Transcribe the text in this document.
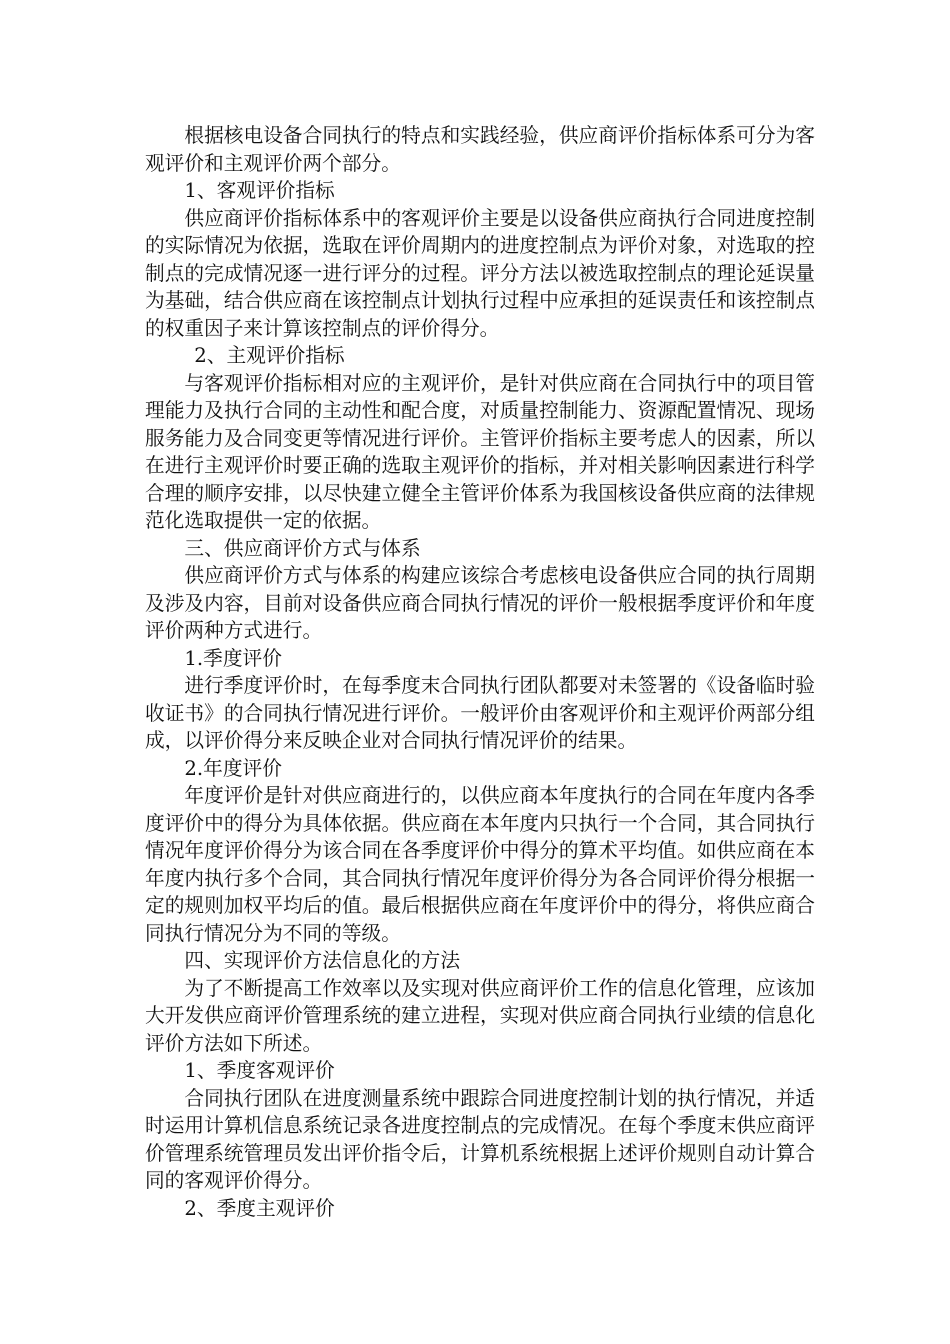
根据核电设备合同执行的特点和实践经验，供应商评价指标体系可分为客观评价和主观评价两个部分。

1、客观评价指标

供应商评价指标体系中的客观评价主要是以设备供应商执行合同进度控制的实际情况为依据，选取在评价周期内的进度控制点为评价对象，对选取的控制点的完成情况逐一进行评分的过程。评分方法以被选取控制点的理论延误量为基础，结合供应商在该控制点计划执行过程中应承担的延误责任和该控制点的权重因子来计算该控制点的评价得分。

2、主观评价指标

与客观评价指标相对应的主观评价，是针对供应商在合同执行中的项目管理能力及执行合同的主动性和配合度，对质量控制能力、资源配置情况、现场服务能力及合同变更等情况进行评价。主管评价指标主要考虑人的因素，所以在进行主观评价时要正确的选取主观评价的指标，并对相关影响因素进行科学合理的顺序安排，以尽快建立健全主管评价体系为我国核设备供应商的法律规范化选取提供一定的依据。

三、供应商评价方式与体系

供应商评价方式与体系的构建应该综合考虑核电设备供应合同的执行周期及涉及内容，目前对设备供应商合同执行情况的评价一般根据季度评价和年度评价两种方式进行。

1.季度评价

进行季度评价时，在每季度末合同执行团队都要对未签署的《设备临时验收证书》的合同执行情况进行评价。一般评价由客观评价和主观评价两部分组成，以评价得分来反映企业对合同执行情况评价的结果。

2.年度评价

年度评价是针对供应商进行的，以供应商本年度执行的合同在年度内各季度评价中的得分为具体依据。供应商在本年度内只执行一个合同，其合同执行情况年度评价得分为该合同在各季度评价中得分的算术平均值。如供应商在本年度内执行多个合同，其合同执行情况年度评价得分为各合同评价得分根据一定的规则加权平均后的值。最后根据供应商在年度评价中的得分，将供应商合同执行情况分为不同的等级。

四、实现评价方法信息化的方法

为了不断提高工作效率以及实现对供应商评价工作的信息化管理，应该加大开发供应商评价管理系统的建立进程，实现对供应商合同执行业绩的信息化评价方法如下所述。

1、季度客观评价

合同执行团队在进度测量系统中跟踪合同进度控制计划的执行情况，并适时运用计算机信息系统记录各进度控制点的完成情况。在每个季度末供应商评价管理系统管理员发出评价指令后，计算机系统根据上述评价规则自动计算合同的客观评价得分。

2、季度主观评价
